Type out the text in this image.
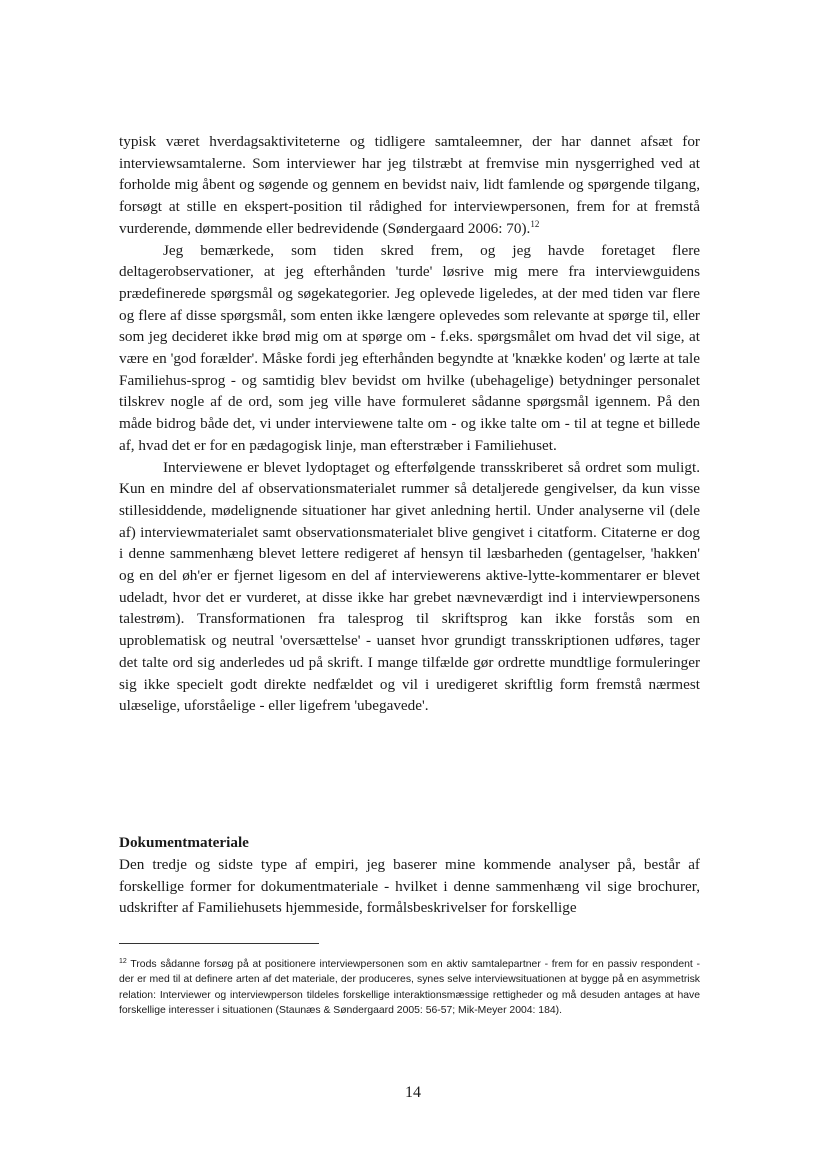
typisk været hverdagsaktiviteterne og tidligere samtaleemner, der har dannet afsæt for interviewsamtalerne. Som interviewer har jeg tilstræbt at fremvise min nysgerrighed ved at forholde mig åbent og søgende og gennem en bevidst naiv, lidt famlende og spørgende tilgang, forsøgt at stille en ekspert-position til rådighed for interviewpersonen, frem for at fremstå vurderende, dømmende eller bedrevidende (Søndergaard 2006: 70).$^{12}$

Jeg bemærkede, som tiden skred frem, og jeg havde foretaget flere deltagerobservationer, at jeg efterhånden 'turde' løsrive mig mere fra interviewguidens prædefinerede spørgsmål og søgekategorier. Jeg oplevede ligeledes, at der med tiden var flere og flere af disse spørgsmål, som enten ikke længere oplevedes som relevante at spørge til, eller som jeg decideret ikke brød mig om at spørge om - f.eks. spørgsmålet om hvad det vil sige, at være en 'god forælder'. Måske fordi jeg efterhånden begyndte at 'knække koden' og lærte at tale Familiehus-sprog - og samtidig blev bevidst om hvilke (ubehagelige) betydninger personalet tilskrev nogle af de ord, som jeg ville have formuleret sådanne spørgsmål igennem. På den måde bidrog både det, vi under interviewene talte om - og ikke talte om - til at tegne et billede af, hvad det er for en pædagogisk linje, man efterstræber i Familiehuset.

Interviewene er blevet lydoptaget og efterfølgende transskriberet så ordret som muligt. Kun en mindre del af observationsmaterialet rummer så detaljerede gengivelser, da kun visse stillesiddende, mødelignende situationer har givet anledning hertil. Under analyserne vil (dele af) interviewmaterialet samt observationsmaterialet blive gengivet i citatform. Citaterne er dog i denne sammenhæng blevet lettere redigeret af hensyn til læsbarheden (gentagelser, 'hakken' og en del øh'er er fjernet ligesom en del af interviewerens aktive-lytte-kommentarer er blevet udeladt, hvor det er vurderet, at disse ikke har grebet nævneværdigt ind i interviewpersonens talestrøm). Transformationen fra talesprog til skriftsprog kan ikke forstås som en uproblematisk og neutral 'oversættelse' - uanset hvor grundigt transskriptionen udføres, tager det talte ord sig anderledes ud på skrift. I mange tilfælde gør ordrette mundtlige formuleringer sig ikke specielt godt direkte nedfældet og vil i uredigeret skriftlig form fremstå nærmest ulæselige, uforståelige - eller ligefrem 'ubegavede'.

Dokumentmateriale

Den tredje og sidste type af empiri, jeg baserer mine kommende analyser på, består af forskellige former for dokumentmateriale - hvilket i denne sammenhæng vil sige brochurer, udskrifter af Familiehusets hjemmeside, formålsbeskrivelser for forskellige

$^{12}$ Trods sådanne forsøg på at positionere interviewpersonen som en aktiv samtalepartner - frem for en passiv respondent - der er med til at definere arten af det materiale, der produceres, synes selve interviewsituationen at bygge på en asymmetrisk relation: Interviewer og interviewperson tildeles forskellige interaktionsmæssige rettigheder og må desuden antages at have forskellige interesser i situationen (Staunæs & Søndergaard 2005: 56-57; Mik-Meyer 2004: 184).

14
